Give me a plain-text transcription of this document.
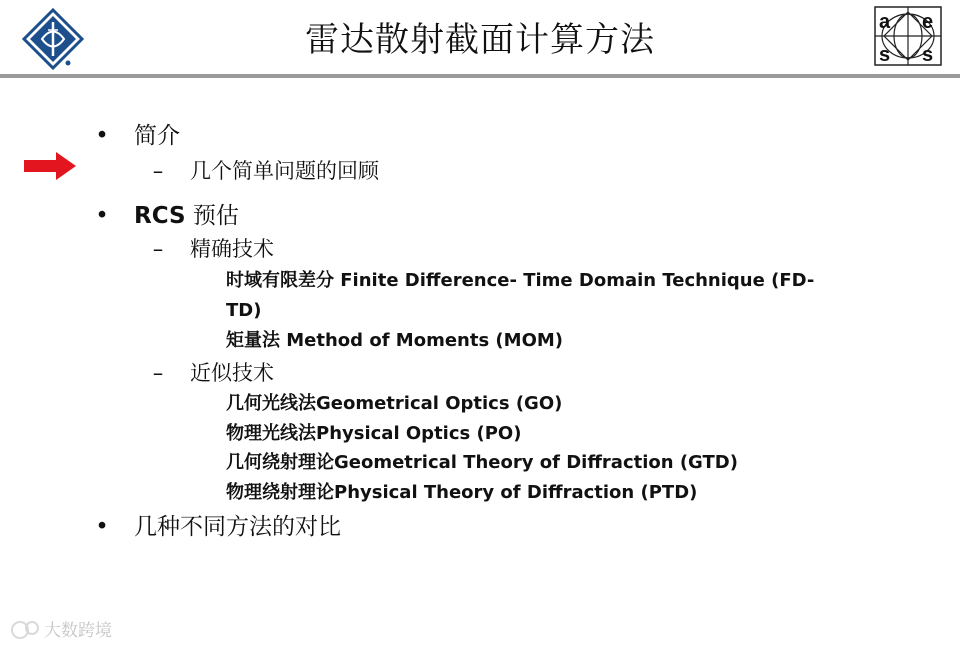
雷达散射截面计算方法	a e
s s
• 简介
– 几个简单问题的回顾
• RCS 预估
– 精确技术
时域有限差分 Finite Difference- Time Domain Technique (FD-
TD)
矩量法 Method of Moments (MOM)
– 近似技术
几何光线法Geometrical Optics (GO)
物理光线法Physical Optics (PO)
几何绕射理论Geometrical Theory of Diffraction (GTD)
物理绕射理论Physical Theory of Diffraction (PTD)
• 几种不同方法的对比
大数跨境
